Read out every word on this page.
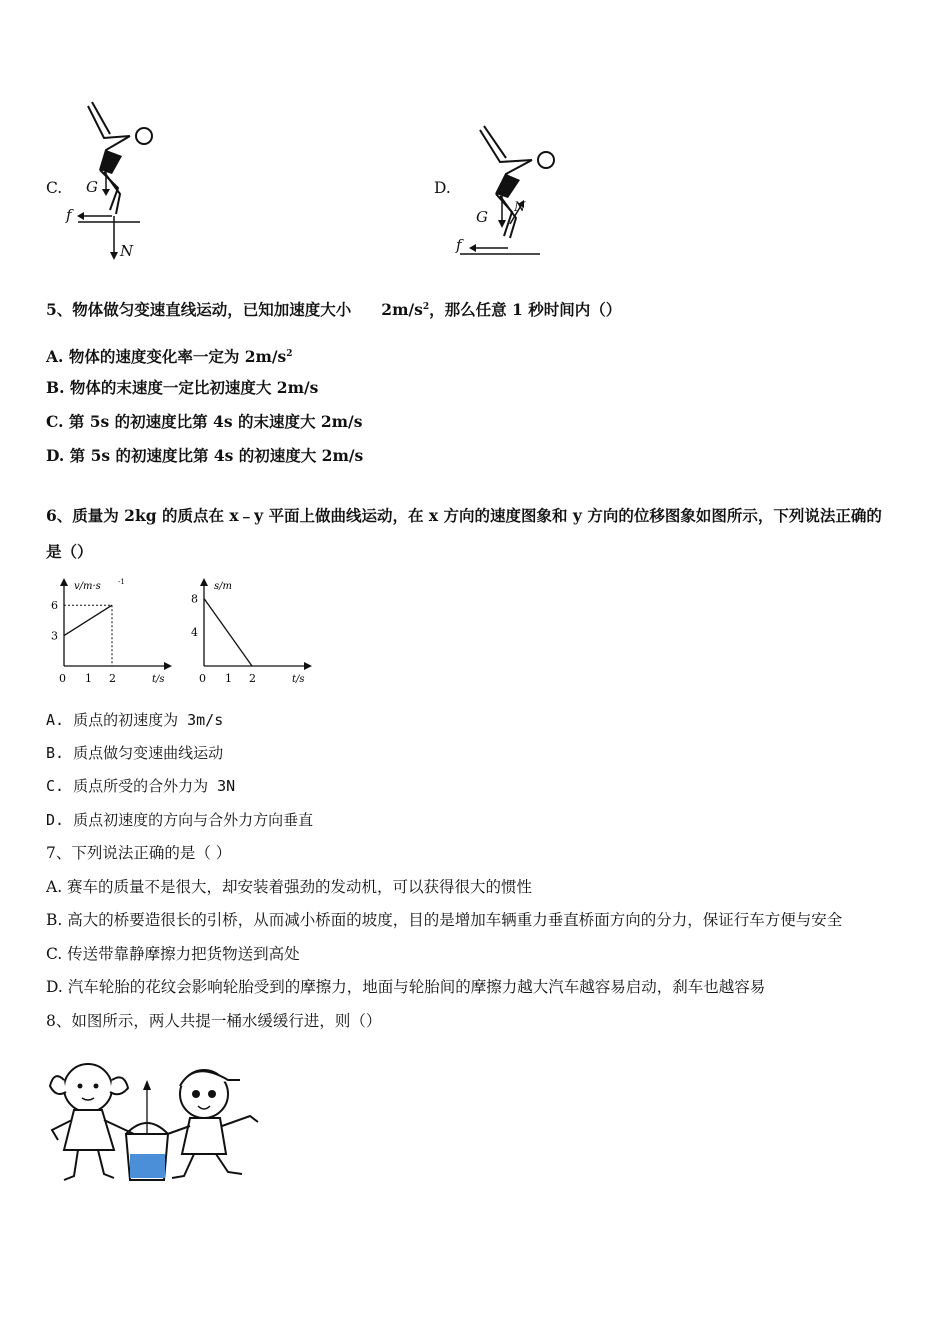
C. G
f
N
D.
G
N
f
5、物体做匀变速直线运动，已知加速度大小 $2m/s^2$，那么任意 1 秒时间内（）
A. 物体的速度变化率一定为 $2m/s^2$
B. 物体的末速度一定比初速度大 2m/s
C. 第 5s 的初速度比第 4s 的末速度大 2m/s
D. 第 5s 的初速度比第 4s 的初速度大 2m/s
6、质量为 2kg 的质点在 x﹣y 平面上做曲线运动，在 x 方向的速度图象和 y 方向的位移图象如图所示，下列说法正确的
是（）
v/m·s -1
t/s
6
3
0 1 2
s/m
t/s
8
4
0 1 2
A. 质点的初速度为 3m/s
B. 质点做匀变速曲线运动
C. 质点所受的合外力为 3N
D. 质点初速度的方向与合外力方向垂直
7、下列说法正确的是（ ）
A. 赛车的质量不是很大，却安装着强劲的发动机，可以获得很大的惯性
B. 高大的桥要造很长的引桥，从而减小桥面的坡度，目的是增加车辆重力垂直桥面方向的分力，保证行车方便与安全
C. 传送带靠静摩擦力把货物送到高处
D. 汽车轮胎的花纹会影响轮胎受到的摩擦力，地面与轮胎间的摩擦力越大汽车越容易启动，刹车也越容易
8、如图所示，两人共提一桶水缓缓行进，则（）
